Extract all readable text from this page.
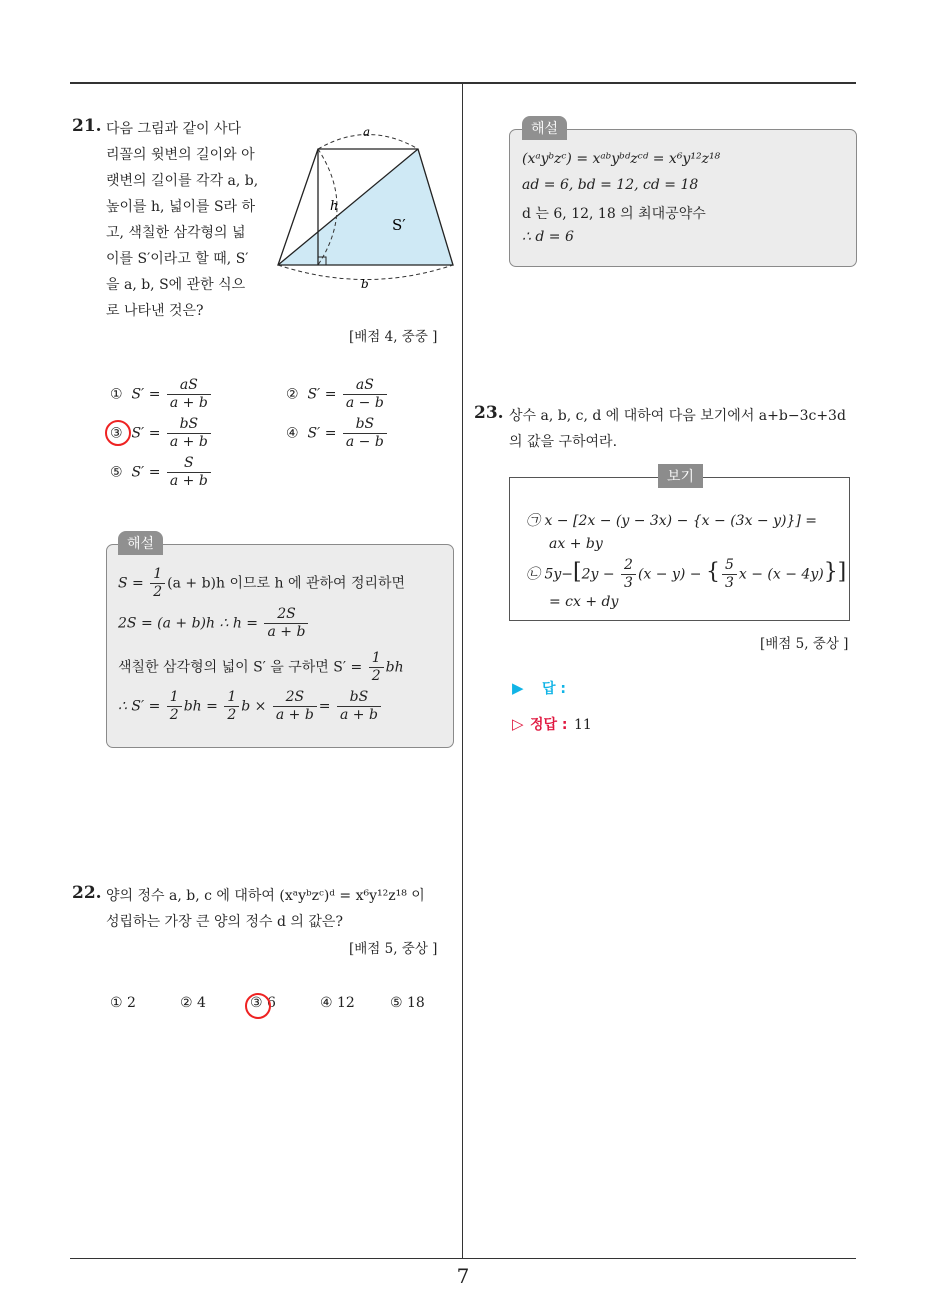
21. 다음 그림과 같이 사다
리꼴의 윗변의 길이와 아
랫변의 길이를 각각 a, b,
높이를 h, 넓이를 S라 하
고, 색칠한 삼각형의 넓
이를 S′이라고 할 때, S′
을 a, b, S에 관한 식으
로 나타낸 것은?
a
b
h
S′
[배점 4, 중중 ]
① $S' = \frac{aS}{a + b}$	② $S' = \frac{aS}{a - b}$
③ $S' = \frac{bS}{a + b}$	④ $S' = \frac{bS}{a - b}$
⑤ $S' = \frac{S}{a + b}$
해설
$S = \frac{1}{2} (a + b)h$ 이므로 h 에 관하여 정리하면
2S = (a + b)h ∴ $h = \frac{2S}{a + b}$
색칠한 삼각형의 넓이 S′ 을 구하면 $S' = \frac{1}{2}$ bh
∴ $S' = \frac{1}{2}$ bh = $\frac{1}{2}$ $b \times \frac{2S}{a + b} = \frac{bS}{a + b}$
22. 양의 정수 a, b, c 에 대하여 (xᵃyᵇzᶜ)ᵈ = x⁶y¹²z¹⁸ 이
성립하는 가장 큰 양의 정수 d 의 값은?
[배점 5, 중상 ]
① 2	② 4	③ 6	④ 12	⑤ 18
해설
(xᵃyᵇzᶜ) = xᵃᵇyᵇᵈzᶜᵈ = x⁶y¹²z¹⁸
ad = 6, bd = 12, cd = 18
d 는 6, 12, 18 의 최대공약수
∴ d = 6
23. 상수 a, b, c, d 에 대하여 다음 보기에서 a+b−3c+3d
의 값을 구하여라.
보기
㉠ x − [2x − (y − 3x) − {x − (3x − y)}] =
ax + by
㉡ $5y-[2y - \frac{2}{3} (x - y)$ − { $\frac{5}{3}$ x − (x − 4y)}]
= cx + dy
[배점 5, 중상 ]
▶ 답 :
▷ 정답 : 11
7
